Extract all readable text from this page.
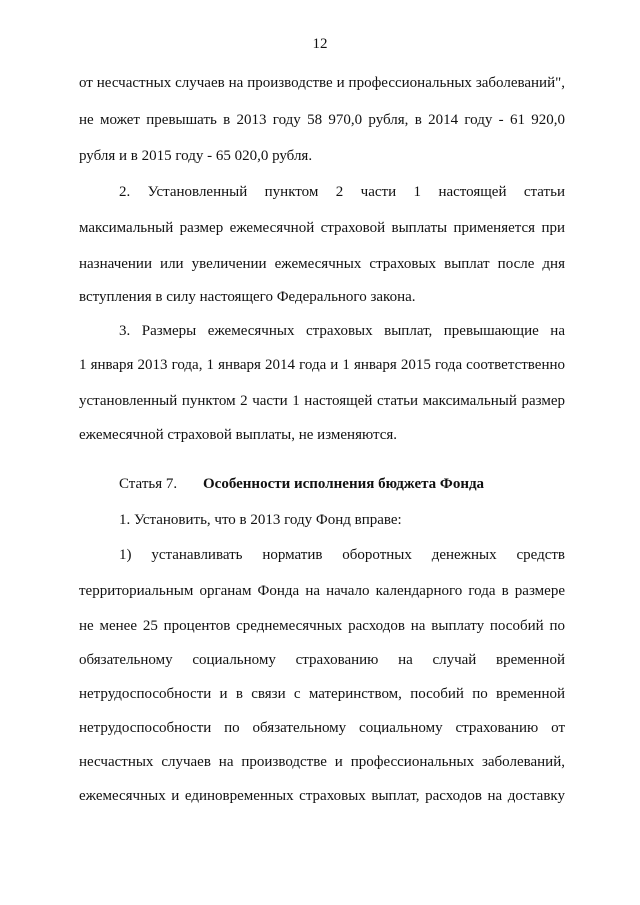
12
от несчастных случаев на производстве и профессиональных заболеваний",
не может превышать в 2013 году 58 970,0 рубля, в 2014 году - 61 920,0
рубля и в 2015 году - 65 020,0 рубля.
2. Установленный пунктом 2 части 1 настоящей статьи
максимальный размер ежемесячной страховой выплаты применяется при
назначении или увеличении ежемесячных страховых выплат после дня
вступления в силу настоящего Федерального закона.
3. Размеры ежемесячных страховых выплат, превышающие на
1 января 2013 года, 1 января 2014 года и 1 января 2015 года соответственно
установленный пунктом 2 части 1 настоящей статьи максимальный размер
ежемесячной страховой выплаты, не изменяются.
Статья 7. Особенности исполнения бюджета Фонда
1. Установить, что в 2013 году Фонд вправе:
1) устанавливать норматив оборотных денежных средств
территориальным органам Фонда на начало календарного года в размере
не менее 25 процентов среднемесячных расходов на выплату пособий по
обязательному социальному страхованию на случай временной
нетрудоспособности и в связи с материнством, пособий по временной
нетрудоспособности по обязательному социальному страхованию от
несчастных случаев на производстве и профессиональных заболеваний,
ежемесячных и единовременных страховых выплат, расходов на доставку
